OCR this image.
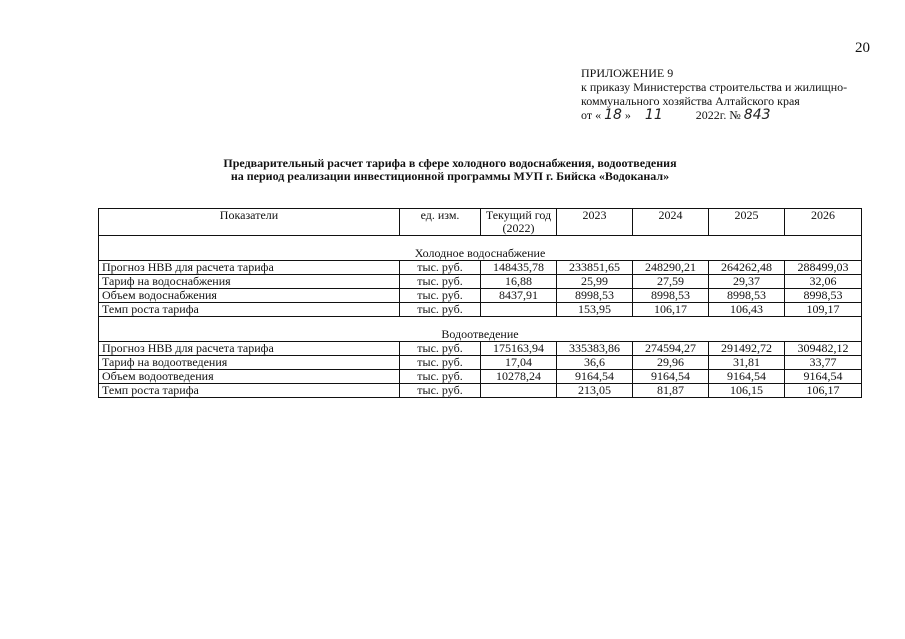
20
ПРИЛОЖЕНИЕ 9
к приказу Министерства строительства и жилищно-
коммунального хозяйства Алтайского края
от « 18 » 11	2022г. № 843
Предварительный расчет тарифа в сфере холодного водоснабжения, водоотведения
на период реализации инвестиционной программы МУП г. Бийска «Водоканал»
Показатели	ед. изм.	Текущий год (2022)	2023	2024	2025	2026
Холодное водоснабжение						
Прогноз НВВ для расчета тарифа	тыс. руб.	148435,78	233851,65	248290,21	264262,48	288499,03
Тариф на водоснабжения	тыс. руб.	16,88	25,99	27,59	29,37	32,06
Объем водоснабжения	тыс. руб.	8437,91	8998,53	8998,53	8998,53	8998,53
Темп роста тарифа	тыс. руб.		153,95	106,17	106,43	109,17
Водоотведение						
Прогноз НВВ для расчета тарифа	тыс. руб.	175163,94	335383,86	274594,27	291492,72	309482,12
Тариф на водоотведения	тыс. руб.	17,04	36,6	29,96	31,81	33,77
Объем водоотведения	тыс. руб.	10278,24	9164,54	9164,54	9164,54	9164,54
Темп роста тарифа	тыс. руб.		213,05	81,87	106,15	106,17
